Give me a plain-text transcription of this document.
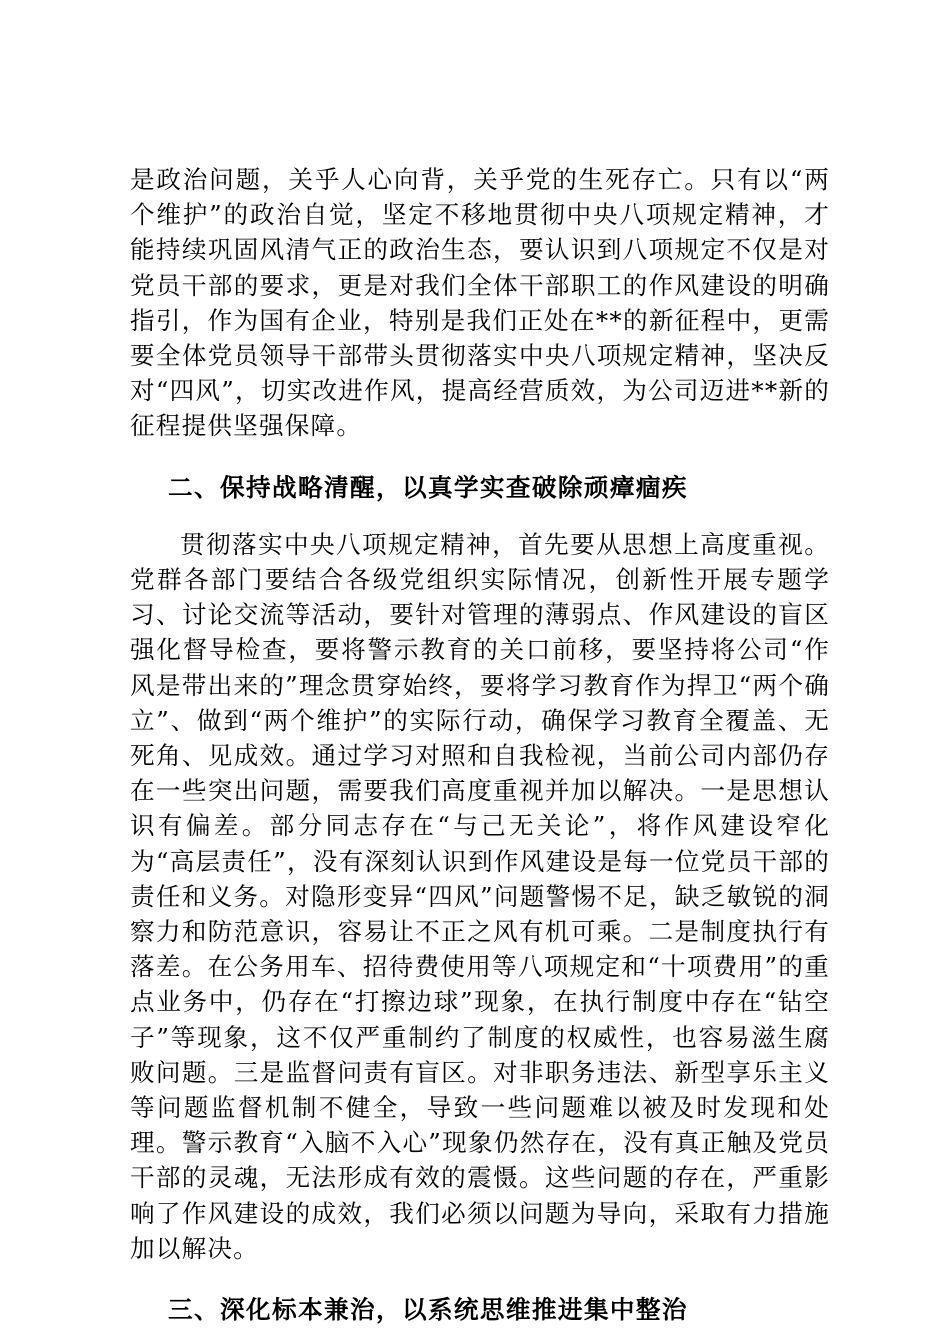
是政治问题，关乎人心向背，关乎党的生死存亡。只有以“两个维护”的政治自觉，坚定不移地贯彻中央八项规定精神，才能持续巩固风清气正的政治生态，要认识到八项规定不仅是对党员干部的要求，更是对我们全体干部职工的作风建设的明确指引，作为国有企业，特别是我们正处在**的新征程中，更需要全体党员领导干部带头贯彻落实中央八项规定精神，坚决反对“四风”，切实改进作风，提高经营质效，为公司迈进**新的征程提供坚强保障。

二、保持战略清醒，以真学实查破除顽瘴痼疾

贯彻落实中央八项规定精神，首先要从思想上高度重视。党群各部门要结合各级党组织实际情况，创新性开展专题学习、讨论交流等活动，要针对管理的薄弱点、作风建设的盲区强化督导检查，要将警示教育的关口前移，要坚持将公司“作风是带出来的”理念贯穿始终，要将学习教育作为捍卫“两个确立”、做到“两个维护”的实际行动，确保学习教育全覆盖、无死角、见成效。通过学习对照和自我检视，当前公司内部仍存在一些突出问题，需要我们高度重视并加以解决。一是思想认识有偏差。部分同志存在“与己无关论”，将作风建设窄化为“高层责任”，没有深刻认识到作风建设是每一位党员干部的责任和义务。对隐形变异“四风”问题警惕不足，缺乏敏锐的洞察力和防范意识，容易让不正之风有机可乘。二是制度执行有落差。在公务用车、招待费使用等八项规定和“十项费用”的重点业务中，仍存在“打擦边球”现象，在执行制度中存在“钻空子”等现象，这不仅严重制约了制度的权威性，也容易滋生腐败问题。三是监督问责有盲区。对非职务违法、新型享乐主义等问题监督机制不健全，导致一些问题难以被及时发现和处理。警示教育“入脑不入心”现象仍然存在，没有真正触及党员干部的灵魂，无法形成有效的震慑。这些问题的存在，严重影响了作风建设的成效，我们必须以问题为导向，采取有力措施加以解决。

三、深化标本兼治，以系统思维推进集中整治
